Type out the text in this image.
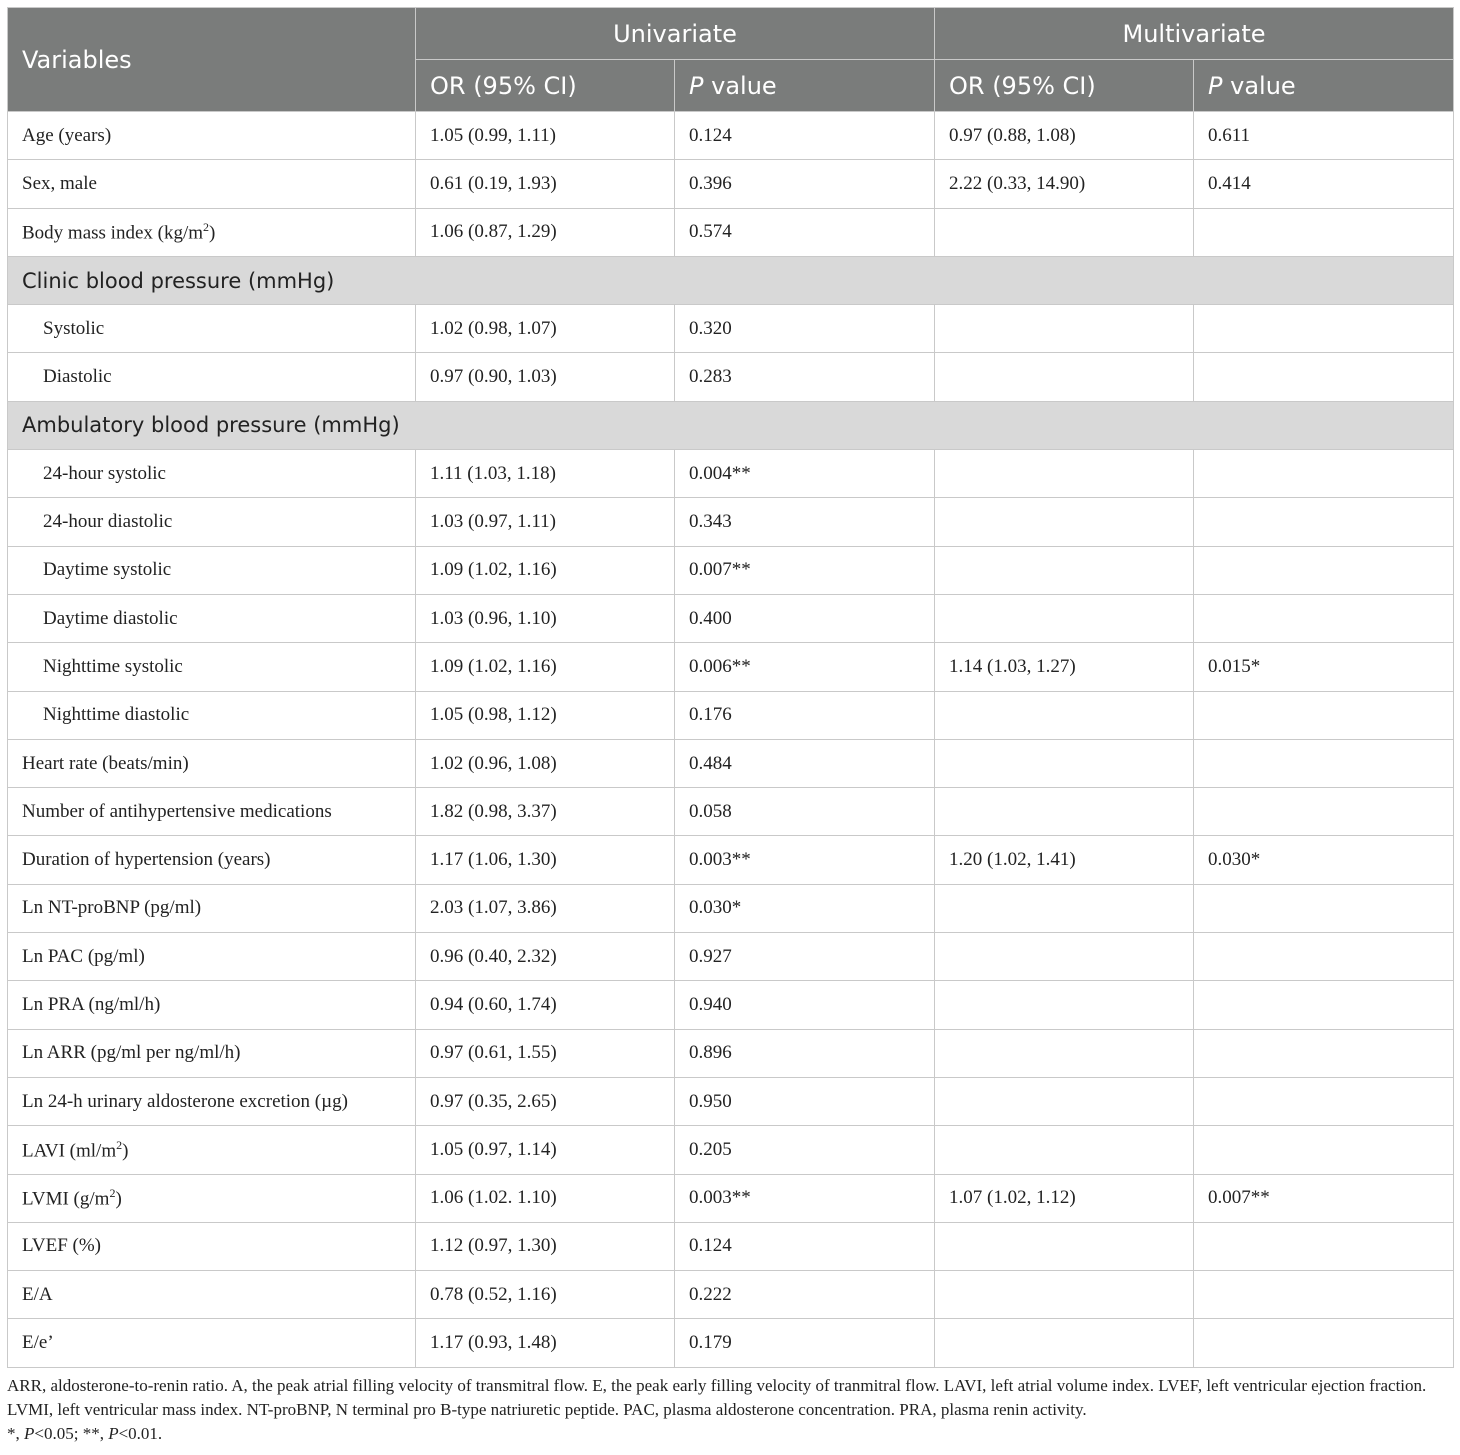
Variables	Univariate		Multivariate	
	OR (95% CI)	P value	OR (95% CI)	P value
Age (years)	1.05 (0.99, 1.11)	0.124	0.97 (0.88, 1.08)	0.611
Sex, male	0.61 (0.19, 1.93)	0.396	2.22 (0.33, 14.90)	0.414
Body mass index $(kg/m^2)$	1.06 (0.87, 1.29)	0.574		
Clinic blood pressure (mmHg)				
Systolic	1.02 (0.98, 1.07)	0.320		
Diastolic	0.97 (0.90, 1.03)	0.283		
Ambulatory blood pressure (mmHg)				
24-hour systolic	1.11 (1.03, 1.18)	0.004**		
24-hour diastolic	1.03 (0.97, 1.11)	0.343		
Daytime systolic	1.09 (1.02, 1.16)	0.007**		
Daytime diastolic	1.03 (0.96, 1.10)	0.400		
Nighttime systolic	1.09 (1.02, 1.16)	0.006**	1.14 (1.03, 1.27)	0.015*
Nighttime diastolic	1.05 (0.98, 1.12)	0.176		
Heart rate (beats/min)	1.02 (0.96, 1.08)	0.484		
Number of antihypertensive medications	1.82 (0.98, 3.37)	0.058		
Duration of hypertension (years)	1.17 (1.06, 1.30)	0.003**	1.20 (1.02, 1.41)	0.030*
Ln NT-proBNP (pg/ml)	2.03 (1.07, 3.86)	0.030*		
Ln PAC (pg/ml)	0.96 (0.40, 2.32)	0.927		
Ln PRA (ng/ml/h)	0.94 (0.60, 1.74)	0.940		
Ln ARR (pg/ml per ng/ml/h)	0.97 (0.61, 1.55)	0.896		
Ln 24-h urinary aldosterone excretion (µg)	0.97 (0.35, 2.65)	0.950		
LAVI $(ml/m^2)$	1.05 (0.97, 1.14)	0.205		
LVMI $(g/m^2)$	1.06 (1.02. 1.10)	0.003**	1.07 (1.02, 1.12)	0.007**
LVEF (%)	1.12 (0.97, 1.30)	0.124		
E/A	0.78 (0.52, 1.16)	0.222		
E/e’	1.17 (0.93, 1.48)	0.179		
ARR, aldosterone-to-renin ratio. A, the peak atrial filling velocity of transmitral flow. E, the peak early filling velocity of tranmitral flow. LAVI, left atrial volume index. LVEF, left ventricular ejection fraction. LVMI, left ventricular mass index. NT-proBNP, N terminal pro B-type natriuretic peptide. PAC, plasma aldosterone concentration. PRA, plasma renin activity.
*, P<0.05; **, P<0.01.
